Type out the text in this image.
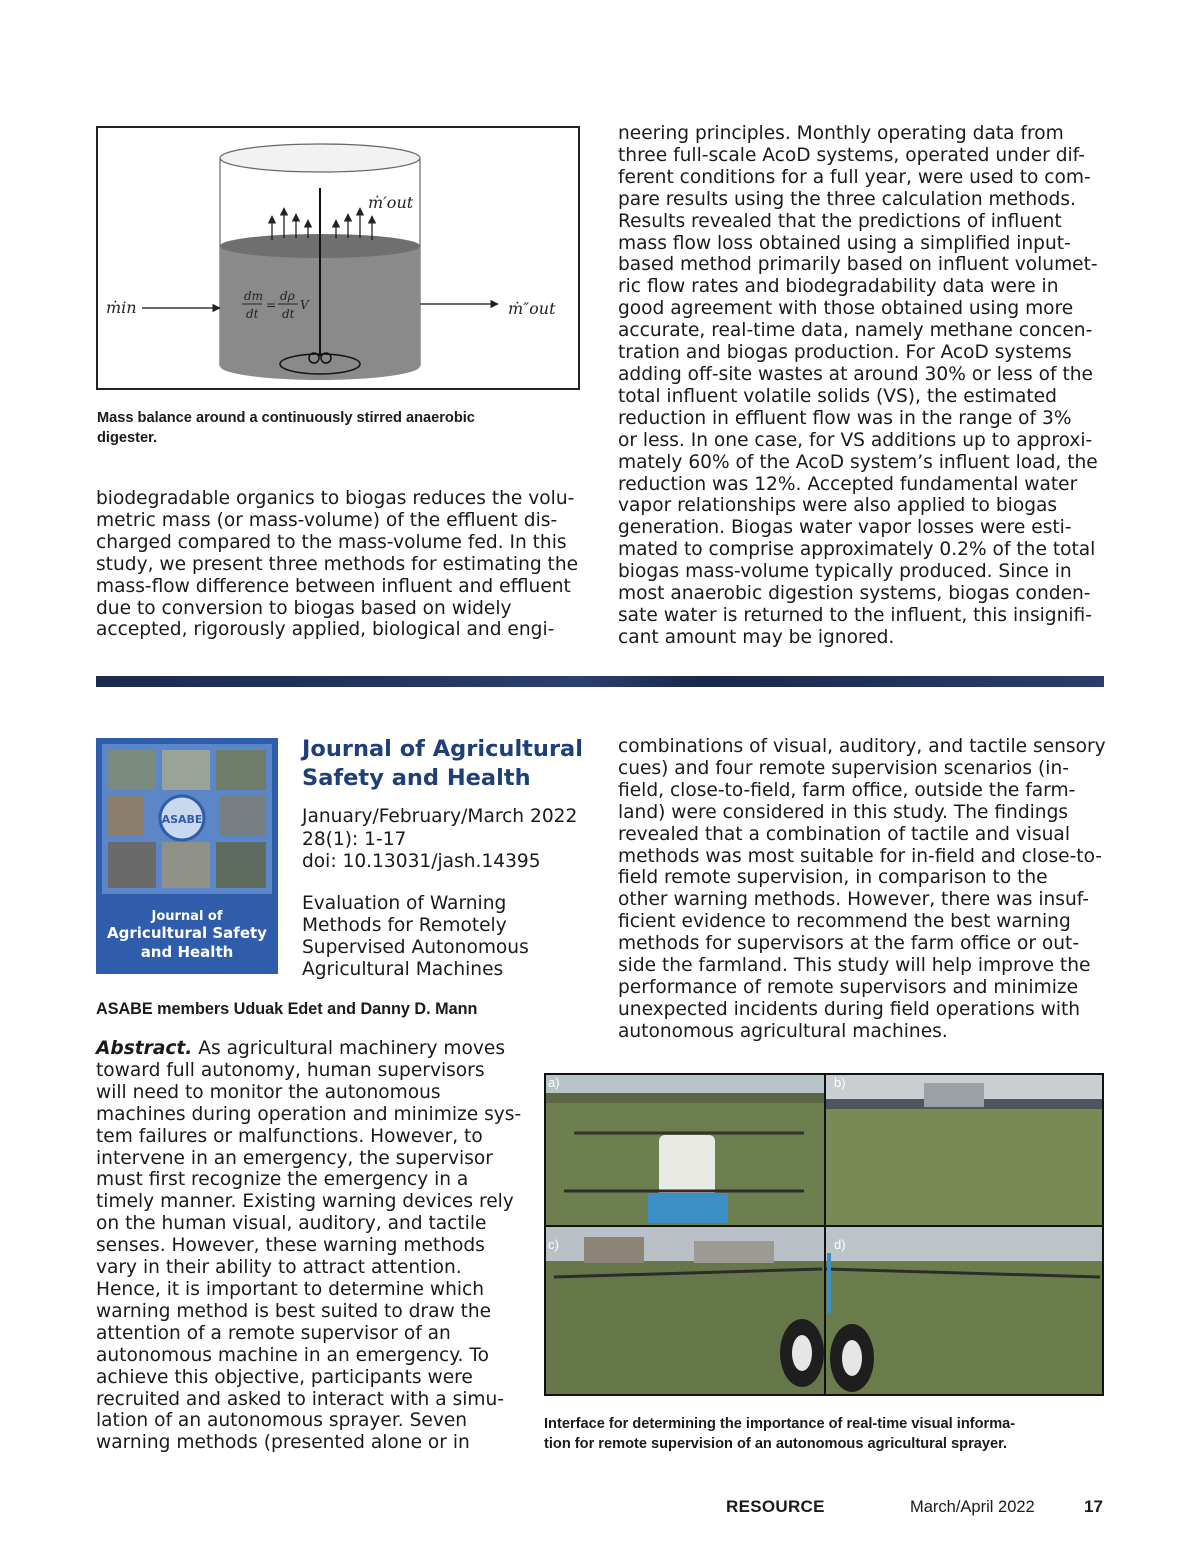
ṁin
ṁ′out
ṁ″out
dm
dt
=
dρ
dt
V

Mass balance around a continuously stirred anaerobic
digester.

biodegradable organics to biogas reduces the volu-
metric mass (or mass-volume) of the effluent dis-
charged compared to the mass-volume fed. In this
study, we present three methods for estimating the
mass-flow difference between influent and effluent
due to conversion to biogas based on widely
accepted, rigorously applied, biological and engi-

neering principles. Monthly operating data from
three full-scale AcoD systems, operated under dif-
ferent conditions for a full year, were used to com-
pare results using the three calculation methods.
Results revealed that the predictions of influent
mass flow loss obtained using a simplified input-
based method primarily based on influent volumet-
ric flow rates and biodegradability data were in
good agreement with those obtained using more
accurate, real-time data, namely methane concen-
tration and biogas production. For AcoD systems
adding off-site wastes at around 30% or less of the
total influent volatile solids (VS), the estimated
reduction in effluent flow was in the range of 3%
or less. In one case, for VS additions up to approxi-
mately 60% of the AcoD system’s influent load, the
reduction was 12%. Accepted fundamental water
vapor relationships were also applied to biogas
generation. Biogas water vapor losses were esti-
mated to comprise approximately 0.2% of the total
biogas mass-volume typically produced. Since in
most anaerobic digestion systems, biogas conden-
sate water is returned to the influent, this insignifi-
cant amount may be ignored.

ASABE
Journal of
Agricultural Safety
and Health
Journal of Agricultural
Safety and Health

January/February/March 2022
28(1): 1-17
doi: 10.13031/jash.14395

Evaluation of Warning
Methods for Remotely
Supervised Autonomous
Agricultural Machines

ASABE members Uduak Edet and Danny D. Mann

Abstract. As agricultural machinery moves
toward full autonomy, human supervisors
will need to monitor the autonomous
machines during operation and minimize sys-
tem failures or malfunctions. However, to
intervene in an emergency, the supervisor
must first recognize the emergency in a
timely manner. Existing warning devices rely
on the human visual, auditory, and tactile
senses. However, these warning methods
vary in their ability to attract attention.
Hence, it is important to determine which
warning method is best suited to draw the
attention of a remote supervisor of an
autonomous machine in an emergency. To
achieve this objective, participants were
recruited and asked to interact with a simu-
lation of an autonomous sprayer. Seven
warning methods (presented alone or in

combinations of visual, auditory, and tactile sensory
cues) and four remote supervision scenarios (in-
field, close-to-field, farm office, outside the farm-
land) were considered in this study. The findings
revealed that a combination of tactile and visual
methods was most suitable for in-field and close-to-
field remote supervision, in comparison to the
other warning methods. However, there was insuf-
ficient evidence to recommend the best warning
methods for supervisors at the farm office or out-
side the farmland. This study will help improve the
performance of remote supervisors and minimize
unexpected incidents during field operations with
autonomous agricultural machines.

a)	b)
c)	d)

Interface for determining the importance of real-time visual informa-
tion for remote supervision of an autonomous agricultural sprayer.

RESOURCE	March/April 2022	17
